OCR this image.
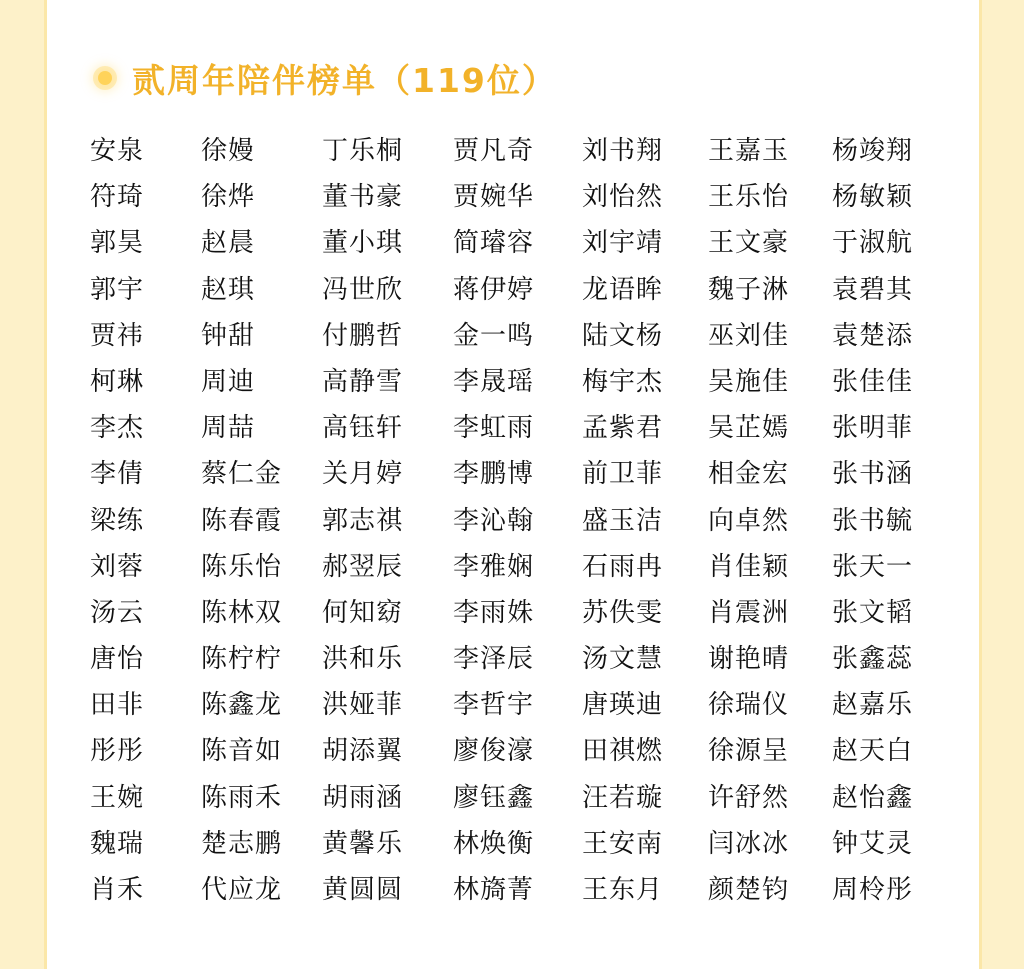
贰周年陪伴榜单（119位）
安泉
符琦
郭昊
郭宇
贾祎
柯琳
李杰
李倩
梁练
刘蓉
汤云
唐怡
田非
彤彤
王婉
魏瑞
肖禾
徐嫚
徐烨
赵晨
赵琪
钟甜
周迪
周喆
蔡仁金
陈春霞
陈乐怡
陈林双
陈柠柠
陈鑫龙
陈音如
陈雨禾
楚志鹏
代应龙
丁乐桐
董书豪
董小琪
冯世欣
付鹏哲
高静雪
高钰轩
关月婷
郭志祺
郝翌辰
何知窈
洪和乐
洪娅菲
胡添翼
胡雨涵
黄馨乐
黄圆圆
贾凡奇
贾婉华
简璿容
蒋伊婷
金一鸣
李晟瑶
李虹雨
李鹏博
李沁翰
李雅娴
李雨姝
李泽辰
李哲宇
廖俊濠
廖钰鑫
林焕衡
林旖菁
刘书翔
刘怡然
刘宇靖
龙语眸
陆文杨
梅宇杰
孟紫君
前卫菲
盛玉洁
石雨冉
苏佚雯
汤文慧
唐瑛迪
田祺燃
汪若璇
王安南
王东月
王嘉玉
王乐怡
王文豪
魏子淋
巫刘佳
吴施佳
吴芷嫣
相金宏
向卓然
肖佳颖
肖震洲
谢艳晴
徐瑞仪
徐源呈
许舒然
闫冰冰
颜楚钧
杨竣翔
杨敏颖
于淑航
袁碧其
袁楚添
张佳佳
张明菲
张书涵
张书毓
张天一
张文韬
张鑫蕊
赵嘉乐
赵天白
赵怡鑫
钟艾灵
周柃彤
